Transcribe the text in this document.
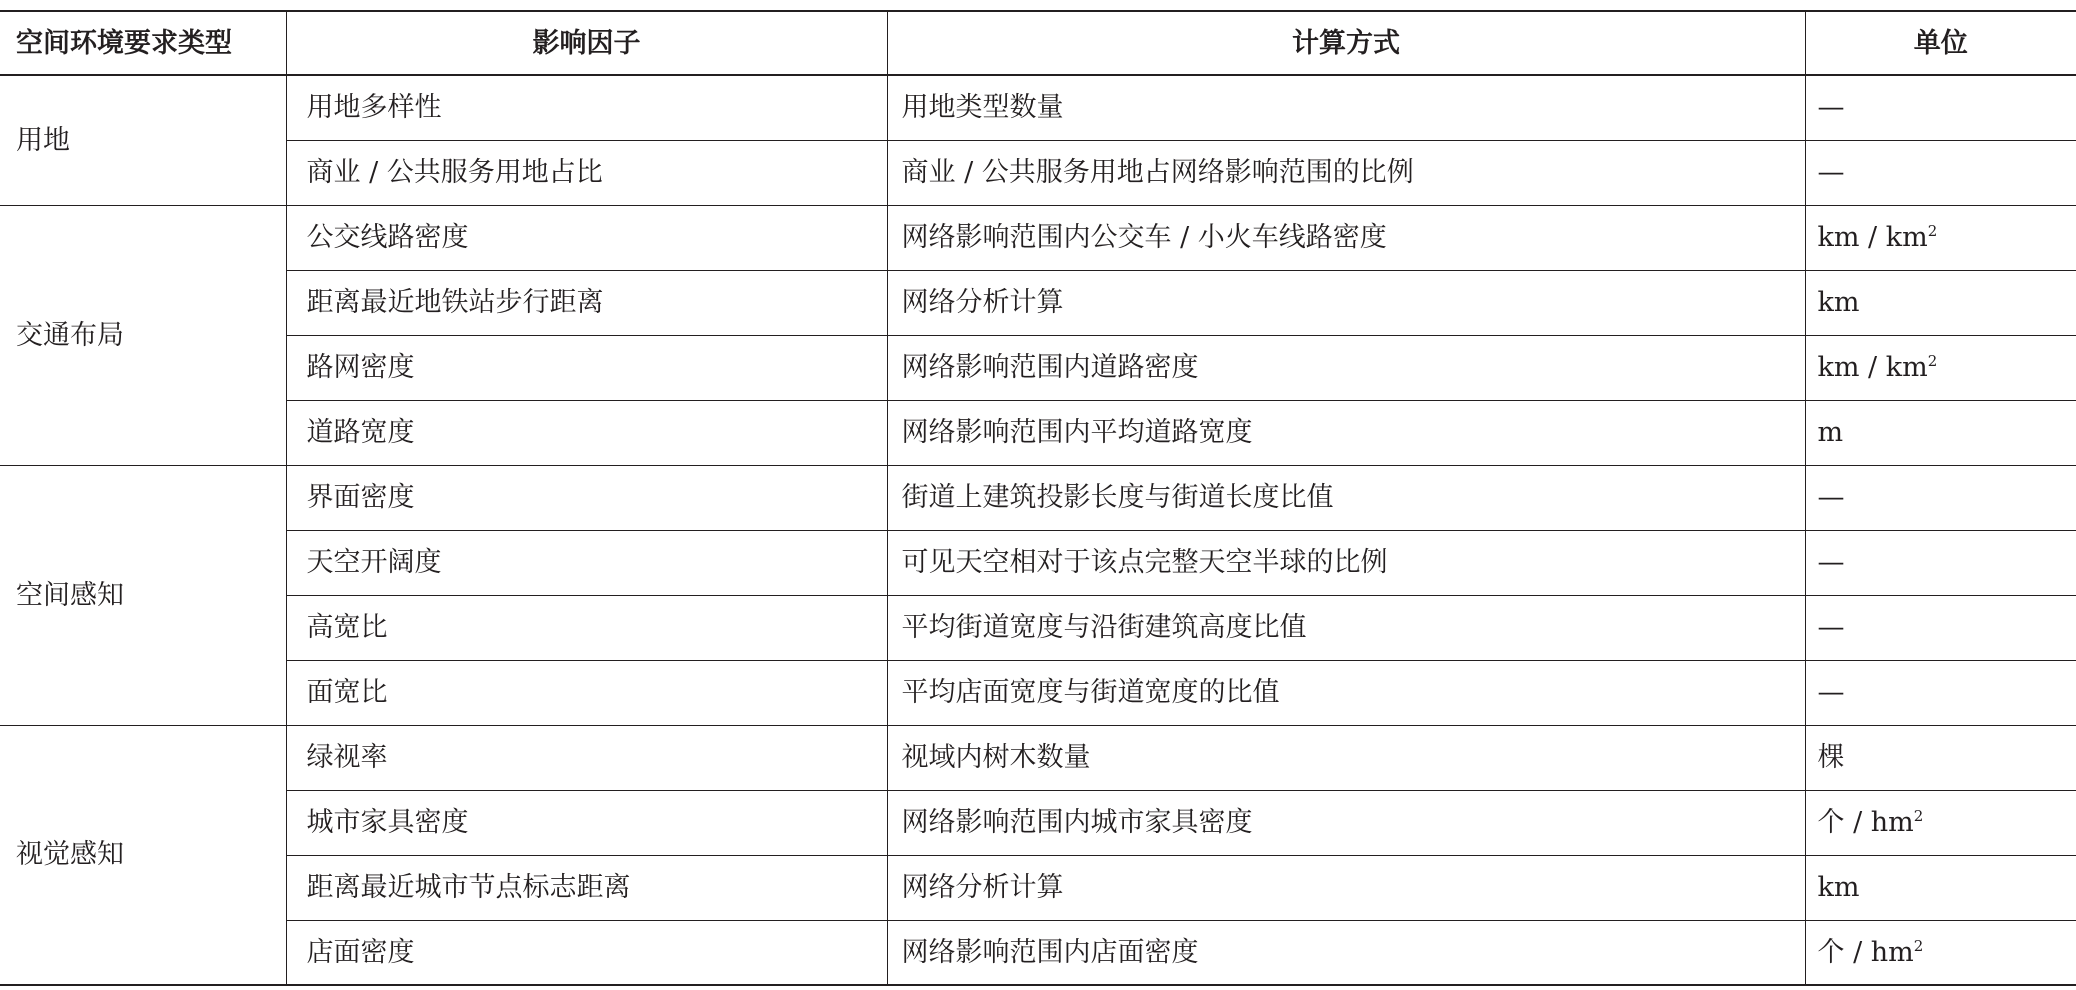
空间环境要求类型	影响因子	计算方式	单位
用地	用地多样性	用地类型数量	—
	商业 / 公共服务用地占比	商业 / 公共服务用地占网络影响范围的比例	—
交通布局	公交线路密度	网络影响范围内公交车 / 小火车线路密度	km / $km^2$
	距离最近地铁站步行距离	网络分析计算	km
	路网密度	网络影响范围内道路密度	km / $km^2$
	道路宽度	网络影响范围内平均道路宽度	m
空间感知	界面密度	街道上建筑投影长度与街道长度比值	—
	天空开阔度	可见天空相对于该点完整天空半球的比例	—
	高宽比	平均街道宽度与沿街建筑高度比值	—
	面宽比	平均店面宽度与街道宽度的比值	—
视觉感知	绿视率	视域内树木数量	棵
	城市家具密度	网络影响范围内城市家具密度	个 / $hm^2$
	距离最近城市节点标志距离	网络分析计算	km
	店面密度	网络影响范围内店面密度	个 / $hm^2$
